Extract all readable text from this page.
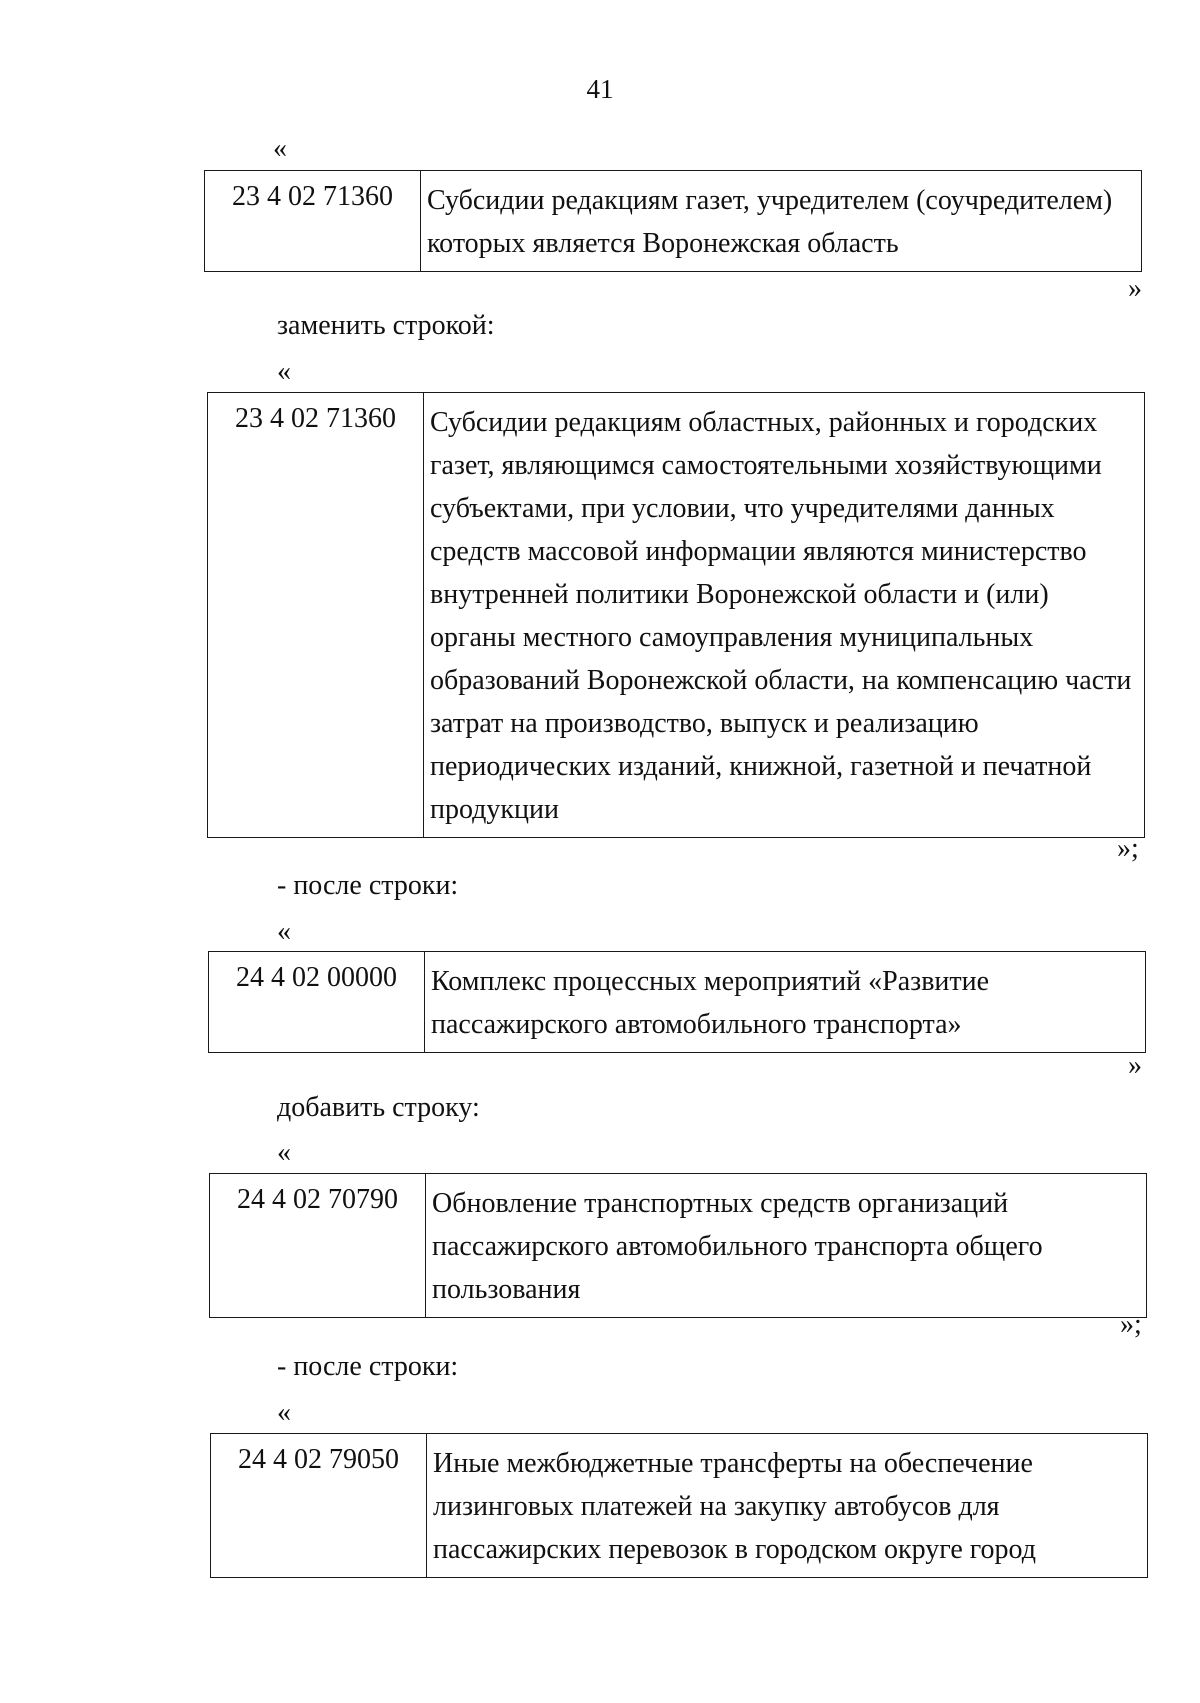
41
«
23 4 02 71360	Субсидии редакциям газет, учредителем (соучредителем) которых является Воронежская область
»
заменить строкой:
«
23 4 02 71360	Субсидии редакциям областных, районных и городских газет, являющимся самостоятельными хозяйствующими субъектами, при условии, что учредителями данных средств массовой информации являются министерство внутренней политики Воронежской области и (или) органы местного самоуправления муниципальных образований Воронежской области, на компенсацию части затрат на производство, выпуск и реализацию периодических изданий, книжной, газетной и печатной продукции
»;
- после строки:
«
24 4 02 00000	Комплекс процессных мероприятий «Развитие пассажирского автомобильного транспорта»
»
добавить строку:
«
24 4 02 70790	Обновление транспортных средств организаций пассажирского автомобильного транспорта общего пользования
»;
- после строки:
«
24 4 02 79050	Иные межбюджетные трансферты на обеспечение лизинговых платежей на закупку автобусов для пассажирских перевозок в городском округе город
